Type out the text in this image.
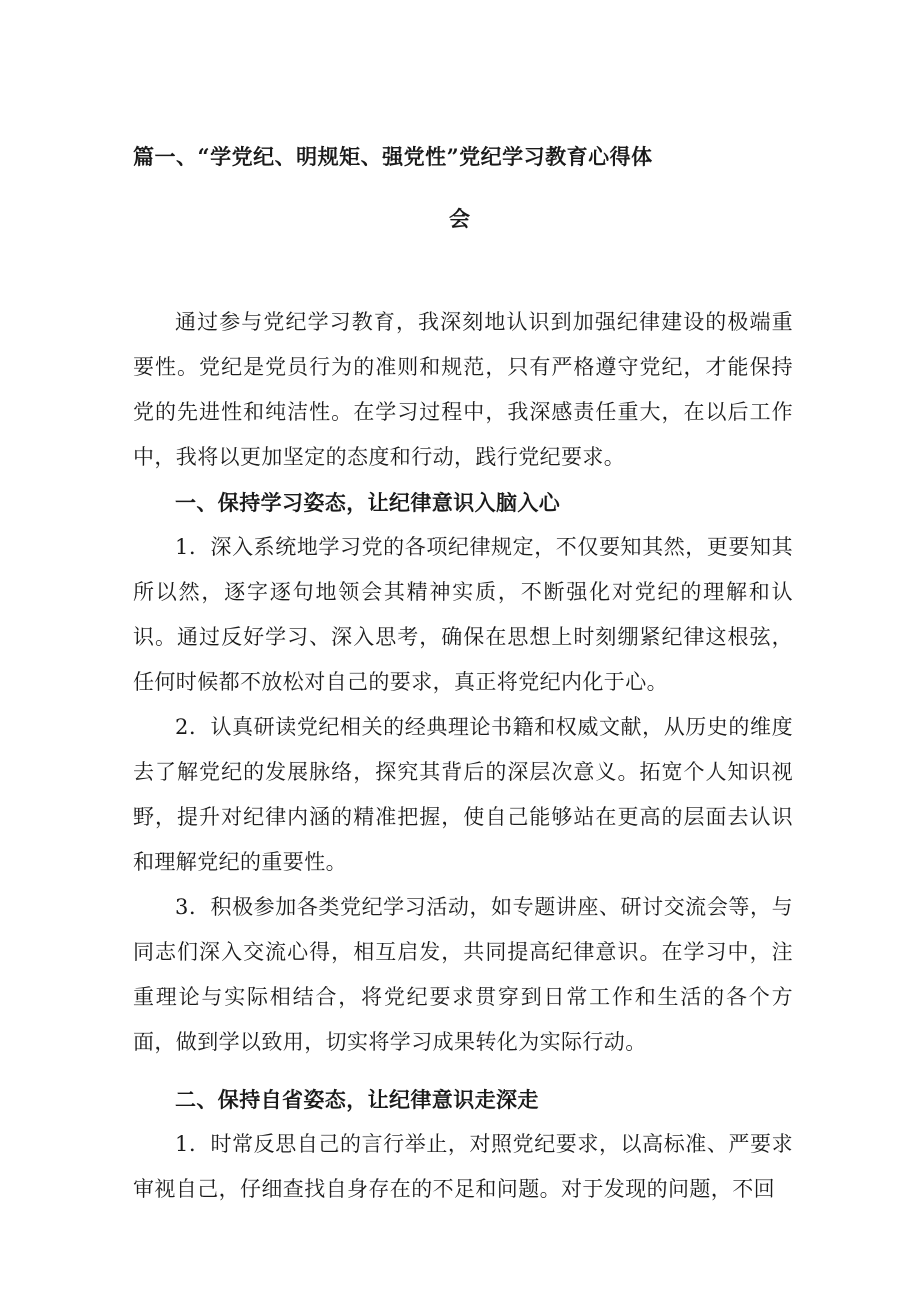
篇一、“学党纪、明规矩、强党性”党纪学习教育心得体
会

通过参与党纪学习教育，我深刻地认识到加强纪律建设的极端重要性。党纪是党员行为的准则和规范，只有严格遵守党纪，才能保持党的先进性和纯洁性。在学习过程中，我深感责任重大，在以后工作中，我将以更加坚定的态度和行动，践行党纪要求。

一、保持学习姿态，让纪律意识入脑入心

1．深入系统地学习党的各项纪律规定，不仅要知其然，更要知其所以然，逐字逐句地领会其精神实质，不断强化对党纪的理解和认识。通过反好学习、深入思考，确保在思想上时刻绷紧纪律这根弦，任何时候都不放松对自己的要求，真正将党纪内化于心。

2．认真研读党纪相关的经典理论书籍和权威文献，从历史的维度去了解党纪的发展脉络，探究其背后的深层次意义。拓宽个人知识视野，提升对纪律内涵的精准把握，使自己能够站在更高的层面去认识和理解党纪的重要性。

3．积极参加各类党纪学习活动，如专题讲座、研讨交流会等，与同志们深入交流心得，相互启发，共同提高纪律意识。在学习中，注重理论与实际相结合，将党纪要求贯穿到日常工作和生活的各个方面，做到学以致用，切实将学习成果转化为实际行动。

二、保持自省姿态，让纪律意识走深走

1．时常反思自己的言行举止，对照党纪要求，以高标准、严要求审视自己，仔细查找自身存在的不足和问题。对于发现的问题，不回
